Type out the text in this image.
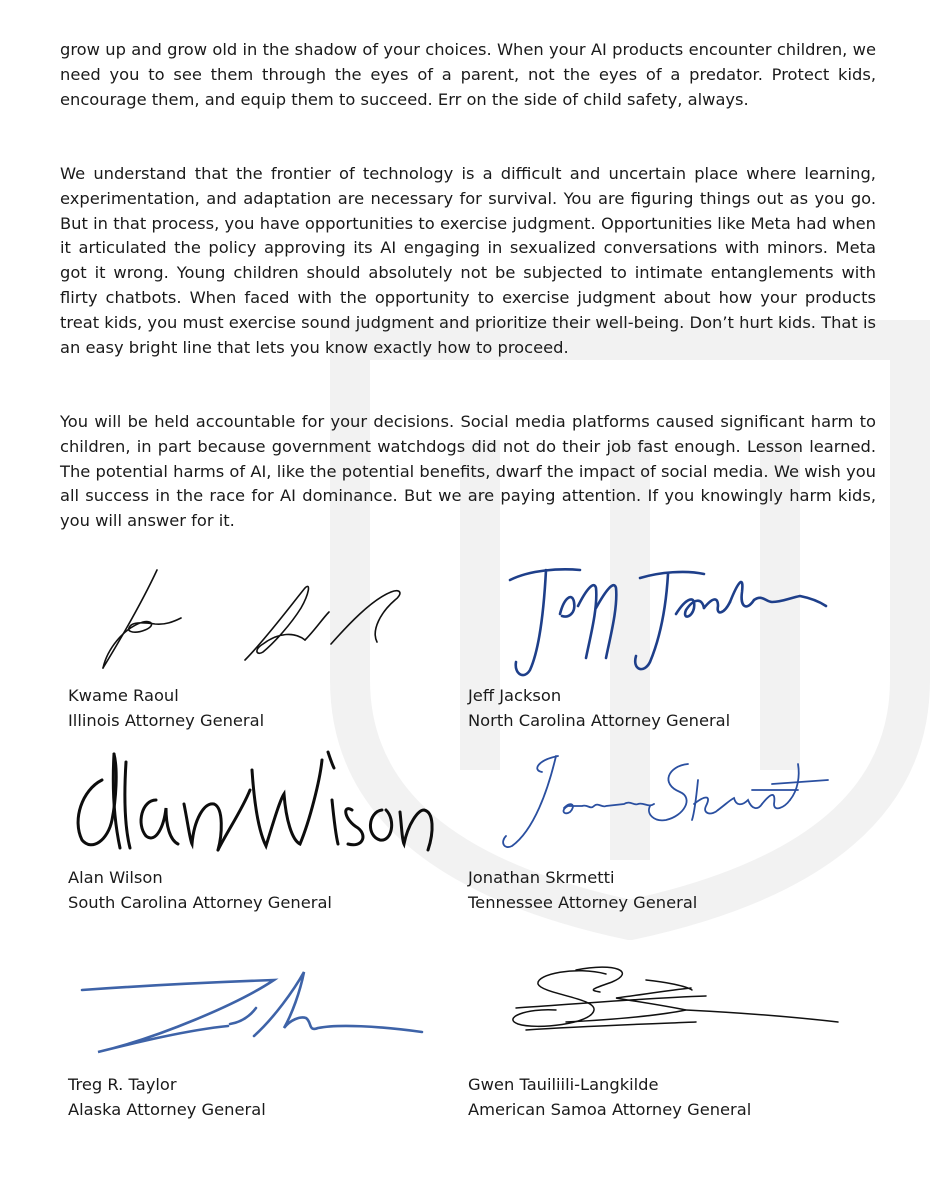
grow up and grow old in the shadow of your choices. When your AI products encounter children, we need you to see them through the eyes of a parent, not the eyes of a predator. Protect kids, encourage them, and equip them to succeed. Err on the side of child safety, always.

We understand that the frontier of technology is a difficult and uncertain place where learning, experimentation, and adaptation are necessary for survival. You are figuring things out as you go. But in that process, you have opportunities to exercise judgment. Opportunities like Meta had when it articulated the policy approving its AI engaging in sexualized conversations with minors. Meta got it wrong. Young children should absolutely not be subjected to intimate entanglements with flirty chatbots. When faced with the opportunity to exercise judgment about how your products treat kids, you must exercise sound judgment and prioritize their well-being. Don’t hurt kids. That is an easy bright line that lets you know exactly how to proceed.

You will be held accountable for your decisions. Social media platforms caused significant harm to children, in part because government watchdogs did not do their job fast enough. Lesson learned. The potential harms of AI, like the potential benefits, dwarf the impact of social media. We wish you all success in the race for AI dominance. But we are paying attention. If you knowingly harm kids, you will answer for it.

Kwame Raoul
Illinois Attorney General
Jeff Jackson
North Carolina Attorney General
Alan Wilson
South Carolina Attorney General
Jonathan Skrmetti
Tennessee Attorney General
Treg R. Taylor
Alaska Attorney General
Gwen Tauiliili-Langkilde
American Samoa Attorney General
